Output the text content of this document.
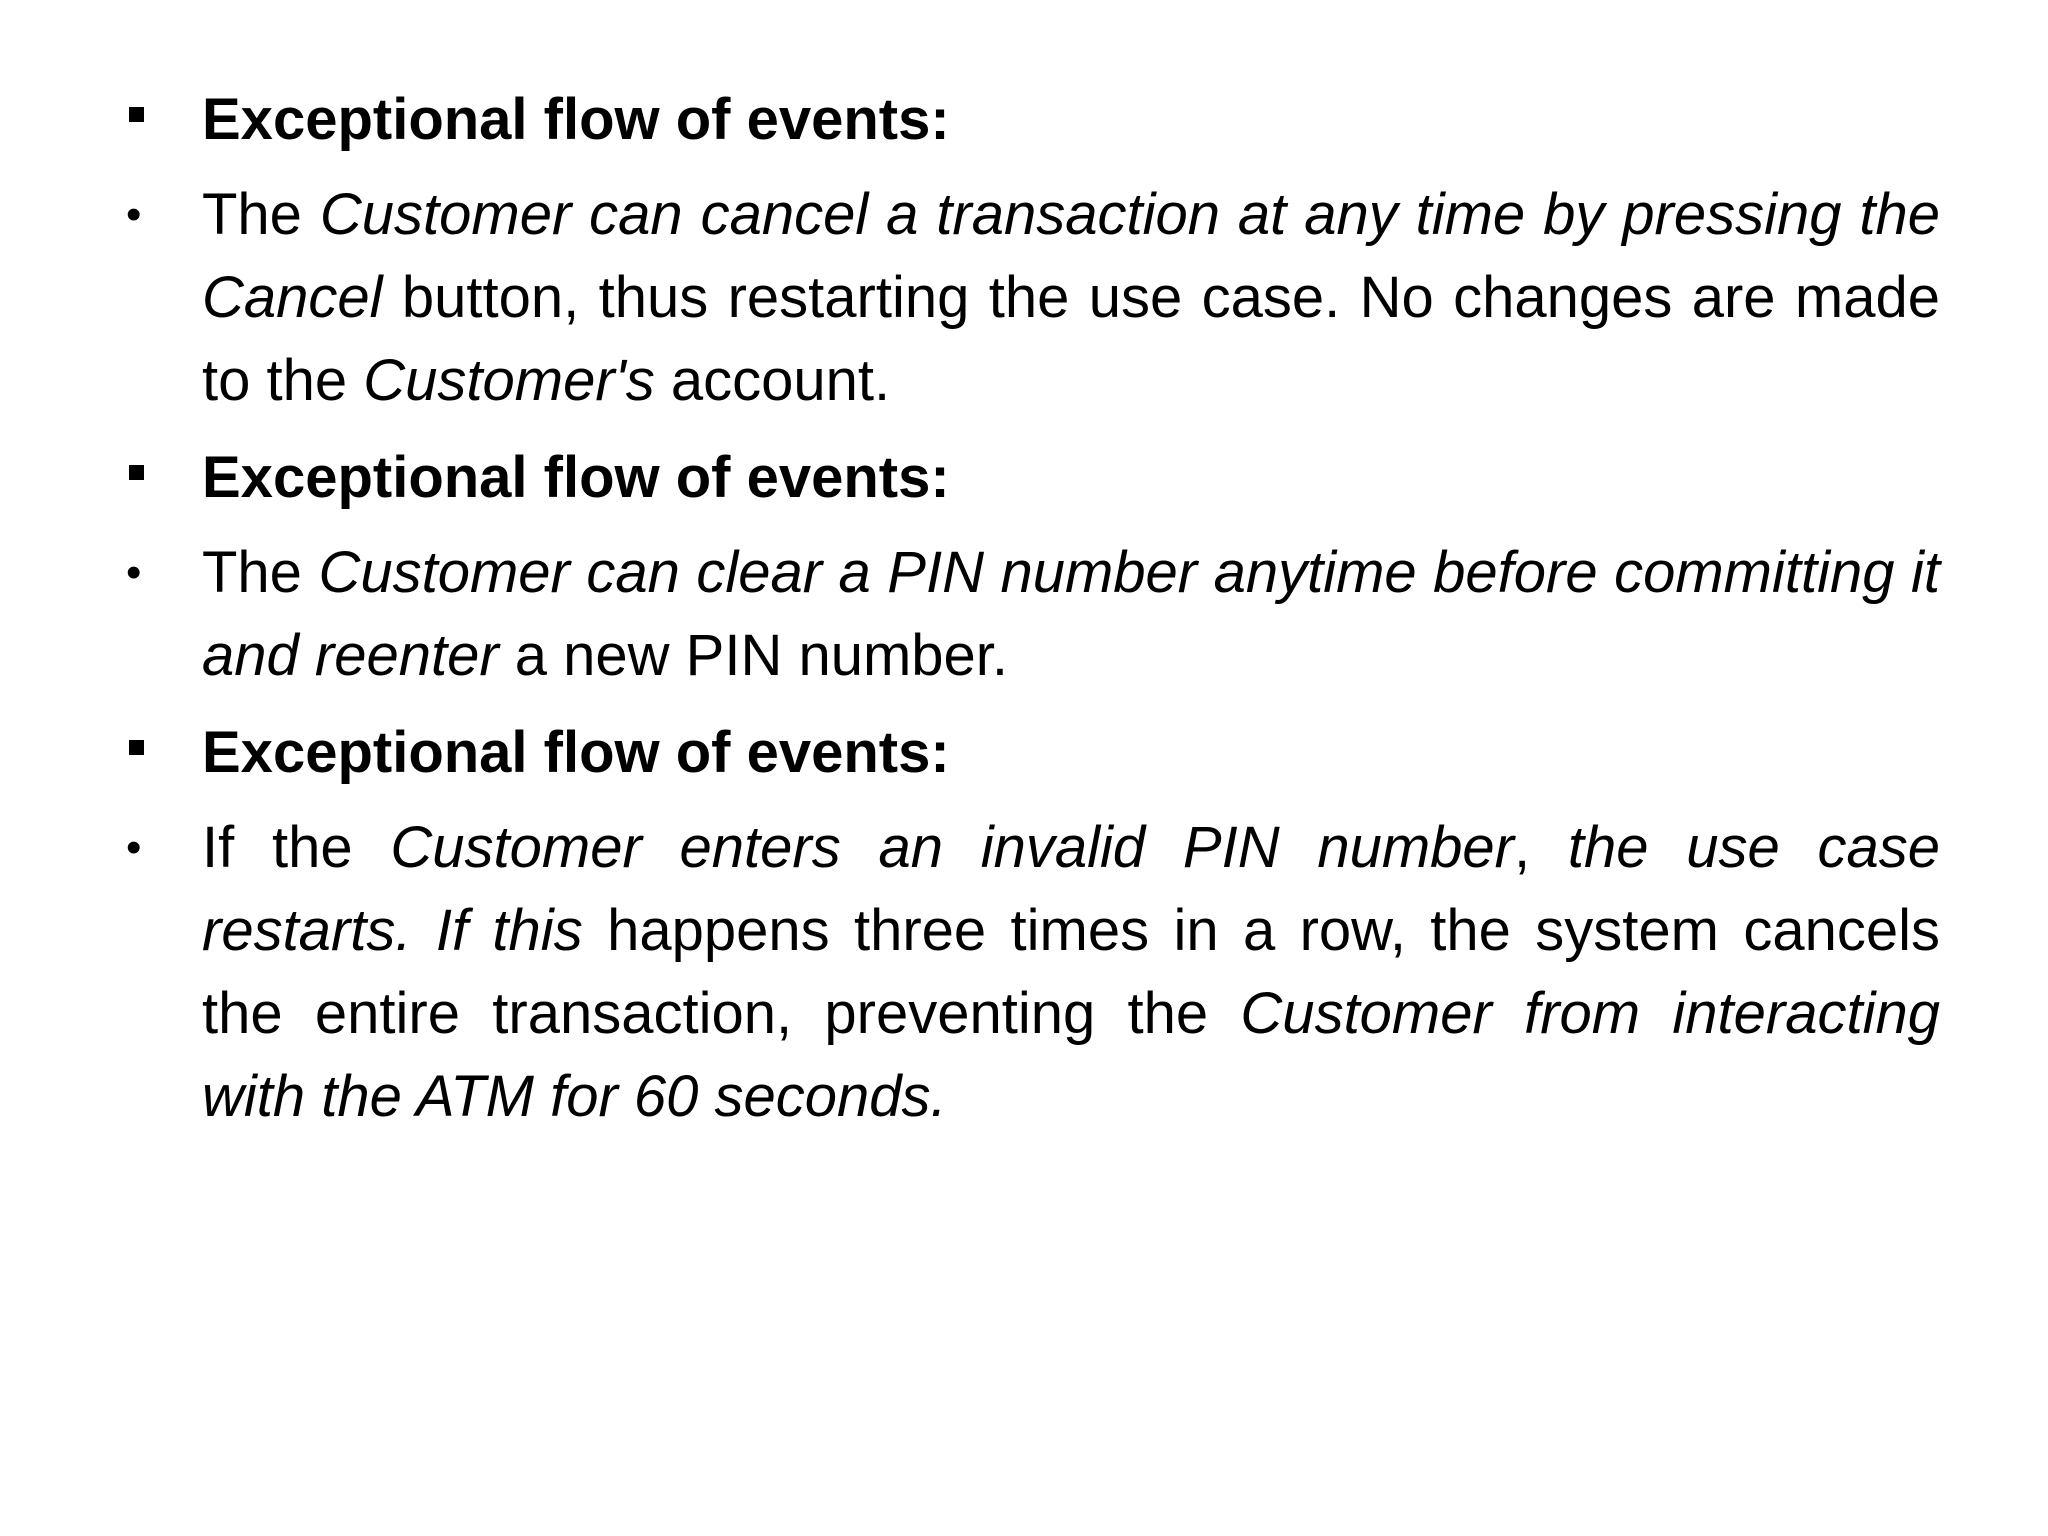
Exceptional flow of events:
• The Customer can cancel a transaction at any time by pressing the Cancel button, thus restarting the use case. No changes are made to the Customer's account.
Exceptional flow of events:
• The Customer can clear a PIN number anytime before committing it and reenter a new PIN number.
Exceptional flow of events:
• If the Customer enters an invalid PIN number, the use case restarts. If this happens three times in a row, the system cancels the entire transaction, preventing the Customer from interacting with the ATM for 60 seconds.
